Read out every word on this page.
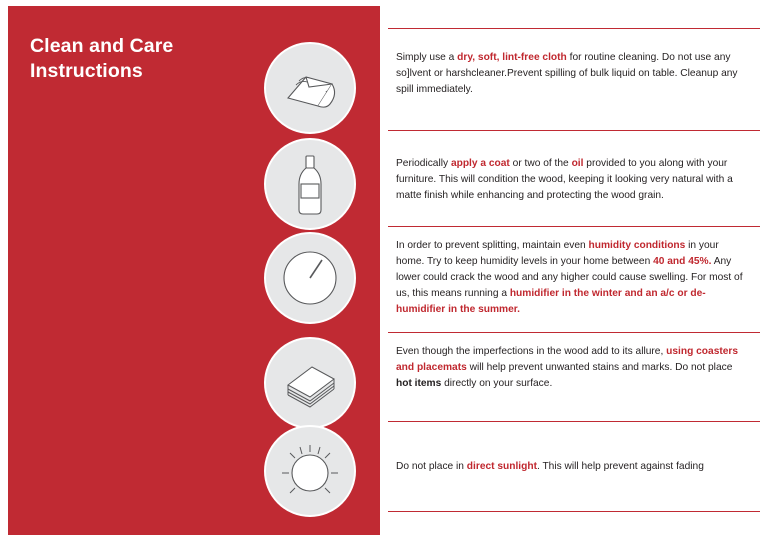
Clean and Care
Instructions
Simply use a dry, soft, lint-free cloth for routine cleaning. Do not use any so]lvent or harshcleaner.Prevent spilling of bulk liquid on table. Cleanup any spill immediately.
Periodically apply a coat or two of the oil provided to you along with your furniture. This will condition the wood, keeping it looking very natural with a matte finish while enhancing and protecting the wood grain.
In order to prevent splitting, maintain even humidity conditions in your home. Try to keep humidity levels in your home between 40 and 45%. Any lower could crack the wood and any higher could cause swelling. For most of us, this means running a humidifier in the winter and an a/c or de-humidifier in the summer.
Even though the imperfections in the wood add to its allure, using coasters and placemats will help prevent unwanted stains and marks. Do not place hot items directly on your surface.
Do not place in direct sunlight. This will help prevent against fading
